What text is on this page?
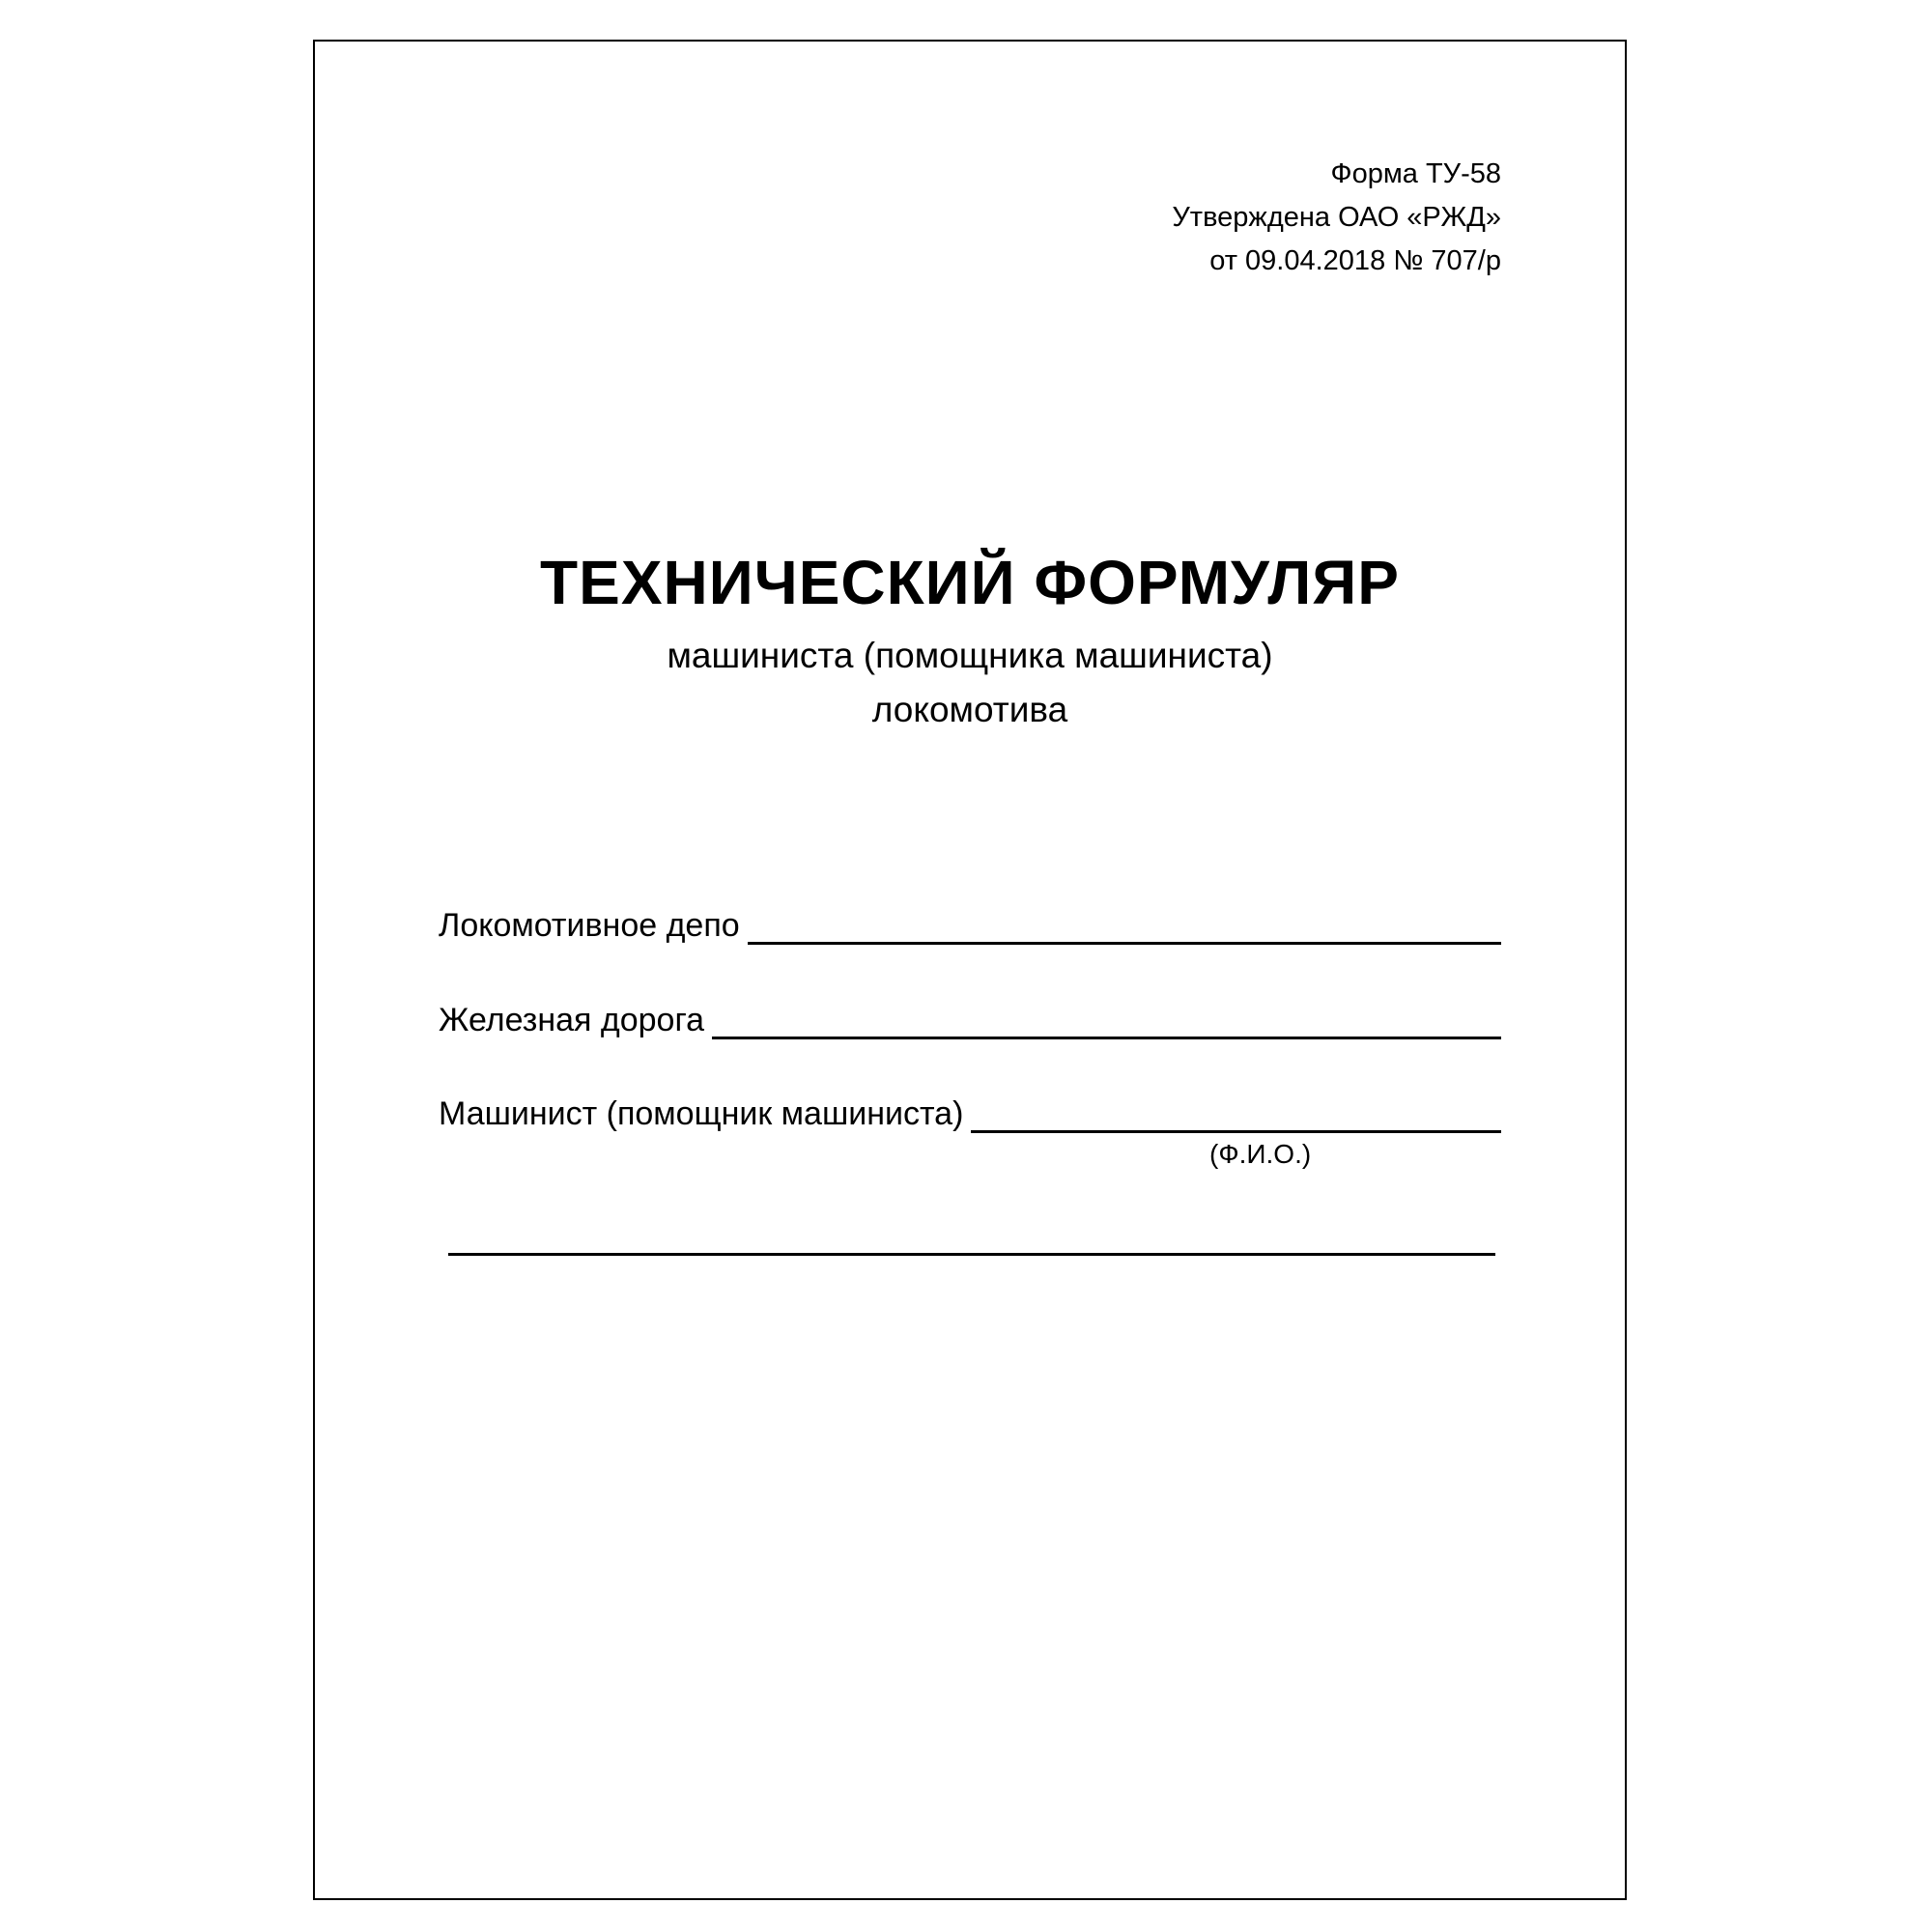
Форма ТУ-58
Утверждена ОАО «РЖД»
от 09.04.2018 № 707/р
ТЕХНИЧЕСКИЙ ФОРМУЛЯР
машиниста (помощника машиниста)
локомотива
Локомотивное депо
Железная дорога
Машинист (помощник машиниста)
(Ф.И.О.)
